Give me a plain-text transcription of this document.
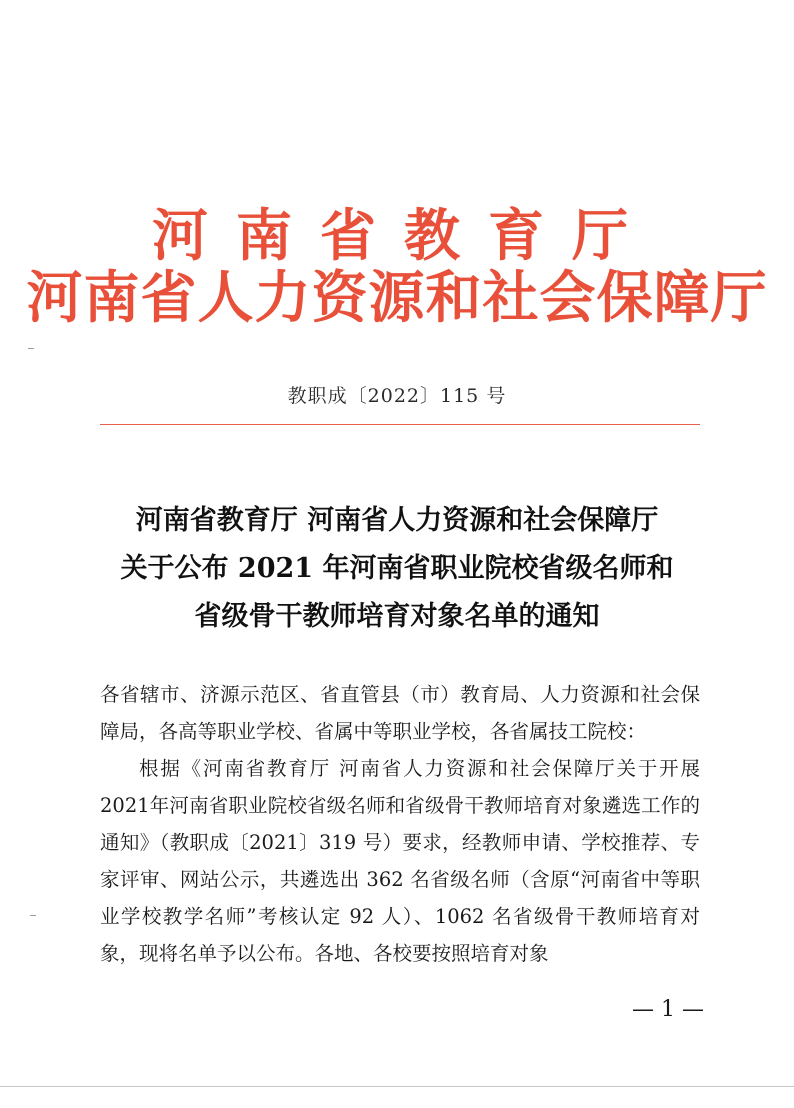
河南省教育厅
河南省人力资源和社会保障厅
教职成〔2022〕115 号
河南省教育厅 河南省人力资源和社会保障厅
关于公布 2021 年河南省职业院校省级名师和
省级骨干教师培育对象名单的通知

各省辖市、济源示范区、省直管县（市）教育局、人力资源和社会保障局，各高等职业学校、省属中等职业学校，各省属技工院校：

根据《河南省教育厅 河南省人力资源和社会保障厅关于开展2021年河南省职业院校省级名师和省级骨干教师培育对象遴选工作的通知》（教职成〔2021〕319 号）要求，经教师申请、学校推荐、专家评审、网站公示，共遴选出 362 名省级名师（含原“河南省中等职业学校教学名师”考核认定 92 人）、1062 名省级骨干教师培育对象，现将名单予以公布。各地、各校要按照培育对象

— 1 —
